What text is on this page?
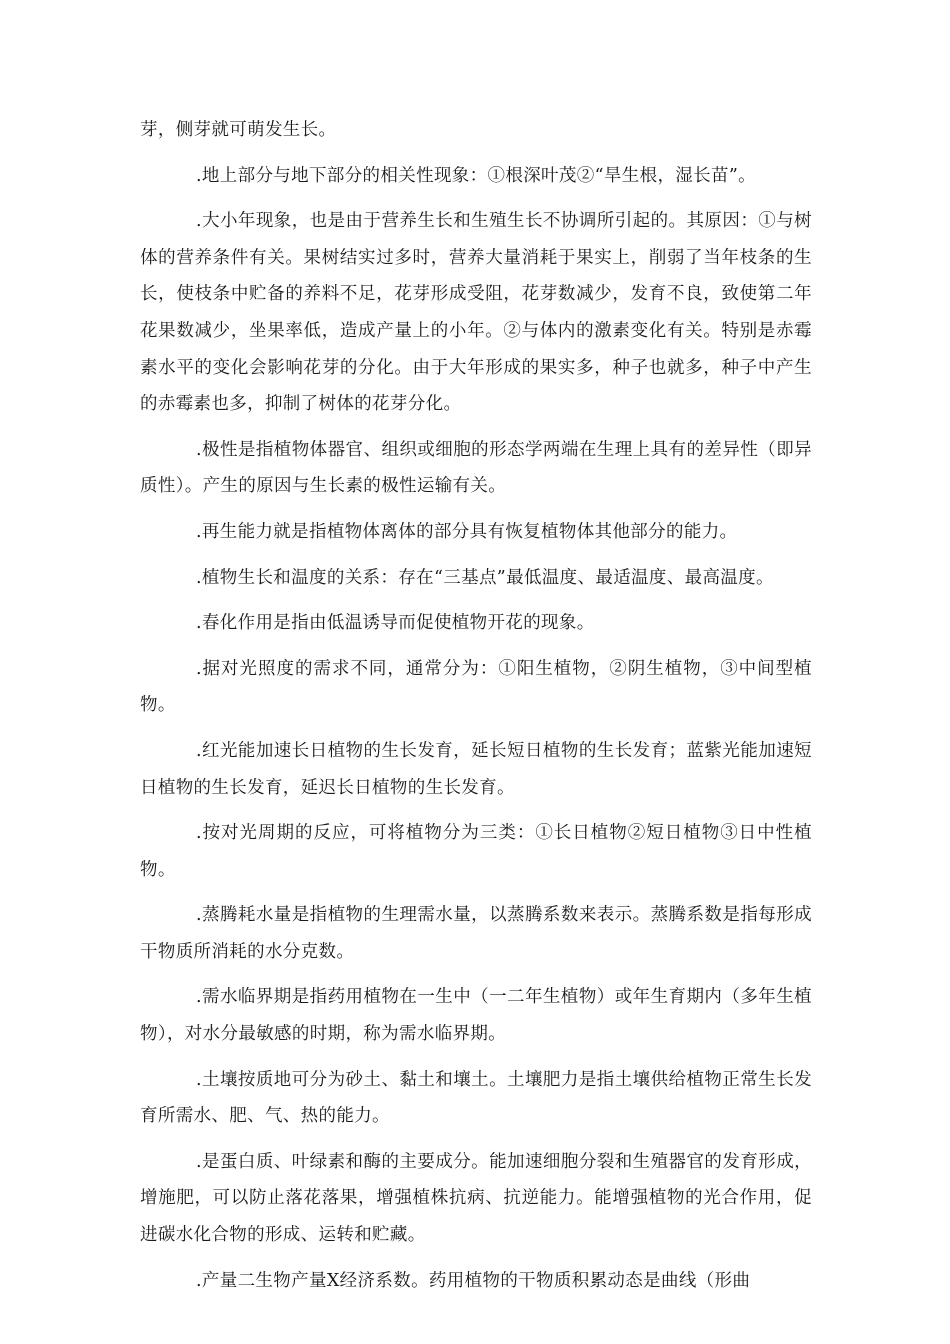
芽，侧芽就可萌发生长。

.地上部分与地下部分的相关性现象：①根深叶茂②“旱生根，湿长苗”。

.大小年现象，也是由于营养生长和生殖生长不协调所引起的。其原因：①与树体的营养条件有关。果树结实过多时，营养大量消耗于果实上，削弱了当年枝条的生长，使枝条中贮备的养料不足，花芽形成受阻，花芽数减少，发育不良，致使第二年花果数减少，坐果率低，造成产量上的小年。②与体内的激素变化有关。特别是赤霉素水平的变化会影响花芽的分化。由于大年形成的果实多，种子也就多，种子中产生的赤霉素也多，抑制了树体的花芽分化。

.极性是指植物体器官、组织或细胞的形态学两端在生理上具有的差异性（即异质性）。产生的原因与生长素的极性运输有关。

.再生能力就是指植物体离体的部分具有恢复植物体其他部分的能力。

.植物生长和温度的关系：存在“三基点”最低温度、最适温度、最高温度。

.春化作用是指由低温诱导而促使植物开花的现象。

.据对光照度的需求不同，通常分为：①阳生植物，②阴生植物，③中间型植物。

.红光能加速长日植物的生长发育，延长短日植物的生长发育；蓝紫光能加速短日植物的生长发育，延迟长日植物的生长发育。

.按对光周期的反应，可将植物分为三类：①长日植物②短日植物③日中性植物。

.蒸腾耗水量是指植物的生理需水量，以蒸腾系数来表示。蒸腾系数是指每形成干物质所消耗的水分克数。

.需水临界期是指药用植物在一生中（一二年生植物）或年生育期内（多年生植物），对水分最敏感的时期，称为需水临界期。

.土壤按质地可分为砂土、黏土和壤土。土壤肥力是指土壤供给植物正常生长发育所需水、肥、气、热的能力。

.是蛋白质、叶绿素和酶的主要成分。能加速细胞分裂和生殖器官的发育形成，增施肥，可以防止落花落果，增强植株抗病、抗逆能力。能增强植物的光合作用，促进碳水化合物的形成、运转和贮藏。

.产量二生物产量X经济系数。药用植物的干物质积累动态是曲线（形曲
